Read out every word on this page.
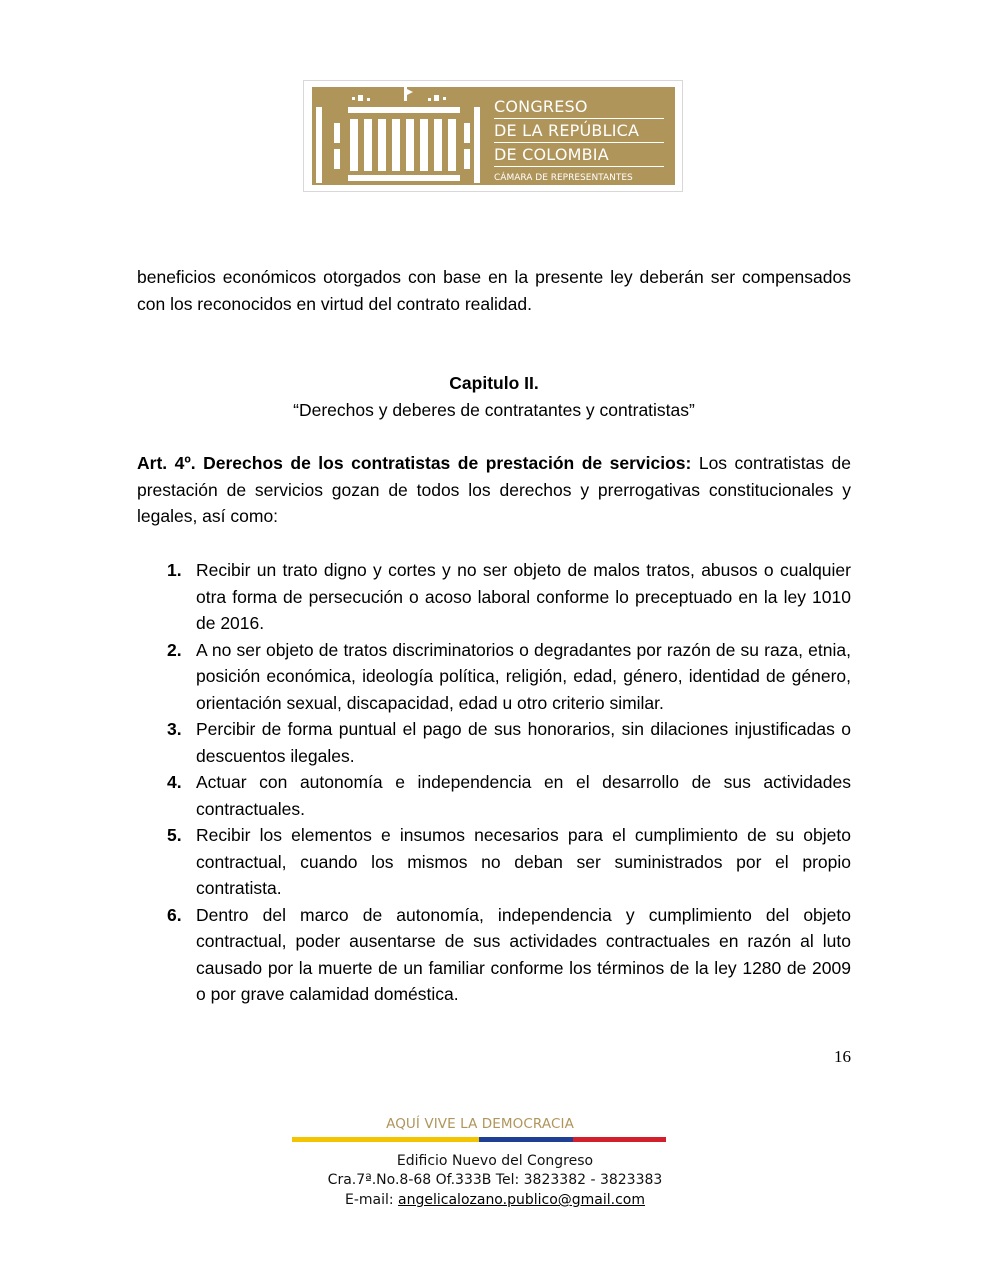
CONGRESO
DE LA REPÚBLICA
DE COLOMBIA
CÁMARA DE REPRESENTANTES
beneficios económicos otorgados con base en la presente ley deberán ser compensados con los reconocidos en virtud del contrato realidad.
Capitulo II.
“Derechos y deberes de contratantes y contratistas”
Art. 4º. Derechos de los contratistas de prestación de servicios: Los contratistas de prestación de servicios gozan de todos los derechos y prerrogativas constitucionales y legales, así como:
1. Recibir un trato digno y cortes y no ser objeto de malos tratos, abusos o cualquier otra forma de persecución o acoso laboral conforme lo preceptuado en la ley 1010 de 2016.
2. A no ser objeto de tratos discriminatorios o degradantes por razón de su raza, etnia, posición económica, ideología política, religión, edad, género, identidad de género, orientación sexual, discapacidad, edad u otro criterio similar.
3. Percibir de forma puntual el pago de sus honorarios, sin dilaciones injustificadas o descuentos ilegales.
4. Actuar con autonomía e independencia en el desarrollo de sus actividades contractuales.
5. Recibir los elementos e insumos necesarios para el cumplimiento de su objeto contractual, cuando los mismos no deban ser suministrados por el propio contratista.
6. Dentro del marco de autonomía, independencia y cumplimiento del objeto contractual, poder ausentarse de sus actividades contractuales en razón al luto causado por la muerte de un familiar conforme los términos de la ley 1280 de 2009 o por grave calamidad doméstica.
16
AQUÍ VIVE LA DEMOCRACIA
Edificio Nuevo del Congreso
Cra.7ª.No.8-68 Of.333B Tel: 3823382 - 3823383
E-mail: angelicalozano.publico@gmail.com
